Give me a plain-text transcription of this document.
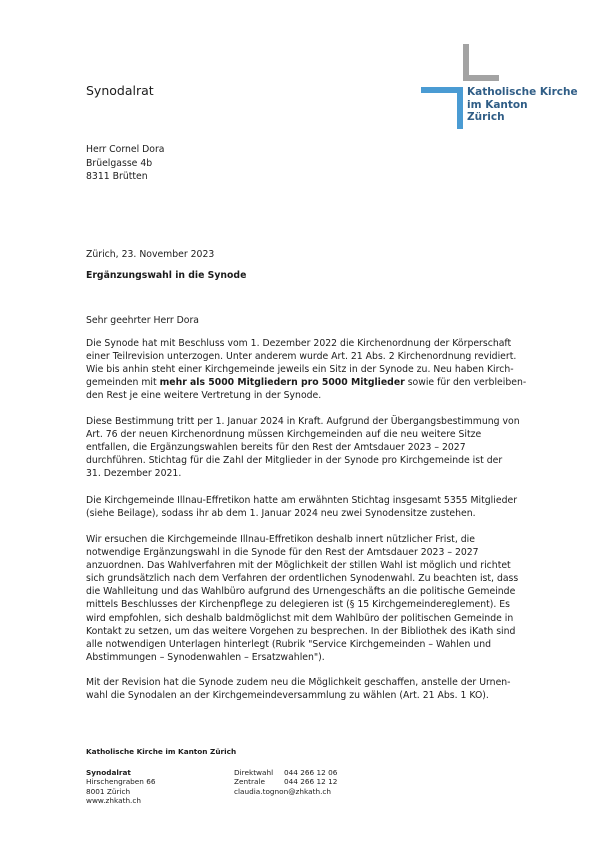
Synodalrat	Katholische Kirche
im Kanton
Zürich
Herr Cornel Dora
Brüelgasse 4b
8311 Brütten
Zürich, 23. November 2023
Ergänzungswahl in die Synode
Sehr geehrter Herr Dora
Die Synode hat mit Beschluss vom 1. Dezember 2022 die Kirchenordnung der Körperschaft
einer Teilrevision unterzogen. Unter anderem wurde Art. 21 Abs. 2 Kirchenordnung revidiert.
Wie bis anhin steht einer Kirchgemeinde jeweils ein Sitz in der Synode zu. Neu haben Kirch-
gemeinden mit mehr als 5000 Mitgliedern pro 5000 Mitglieder sowie für den verbleiben-
den Rest je eine weitere Vertretung in der Synode.
Diese Bestimmung tritt per 1. Januar 2024 in Kraft. Aufgrund der Übergangsbestimmung von
Art. 76 der neuen Kirchenordnung müssen Kirchgemeinden auf die neu weitere Sitze
entfallen, die Ergänzungswahlen bereits für den Rest der Amtsdauer 2023 – 2027
durchführen. Stichtag für die Zahl der Mitglieder in der Synode pro Kirchgemeinde ist der
31. Dezember 2021.
Die Kirchgemeinde Illnau-Effretikon hatte am erwähnten Stichtag insgesamt 5355 Mitglieder
(siehe Beilage), sodass ihr ab dem 1. Januar 2024 neu zwei Synodensitze zustehen.
Wir ersuchen die Kirchgemeinde Illnau-Effretikon deshalb innert nützlicher Frist, die
notwendige Ergänzungswahl in die Synode für den Rest der Amtsdauer 2023 – 2027
anzuordnen. Das Wahlverfahren mit der Möglichkeit der stillen Wahl ist möglich und richtet
sich grundsätzlich nach dem Verfahren der ordentlichen Synodenwahl. Zu beachten ist, dass
die Wahlleitung und das Wahlbüro aufgrund des Urnengeschäfts an die politische Gemeinde
mittels Beschlusses der Kirchenpflege zu delegieren ist (§ 15 Kirchgemeindereglement). Es
wird empfohlen, sich deshalb baldmöglichst mit dem Wahlbüro der politischen Gemeinde in
Kontakt zu setzen, um das weitere Vorgehen zu besprechen. In der Bibliothek des iKath sind
alle notwendigen Unterlagen hinterlegt (Rubrik "Service Kirchgemeinden – Wahlen und
Abstimmungen – Synodenwahlen – Ersatzwahlen").
Mit der Revision hat die Synode zudem neu die Möglichkeit geschaffen, anstelle der Urnen-
wahl die Synodalen an der Kirchgemeindeversammlung zu wählen (Art. 21 Abs. 1 KO).
Katholische Kirche im Kanton Zürich
Synodalrat
Hirschengraben 66
8001 Zürich
www.zhkath.ch
Direktwahl	044 266 12 06
Zentrale	044 266 12 12
claudia.tognon@zhkath.ch
